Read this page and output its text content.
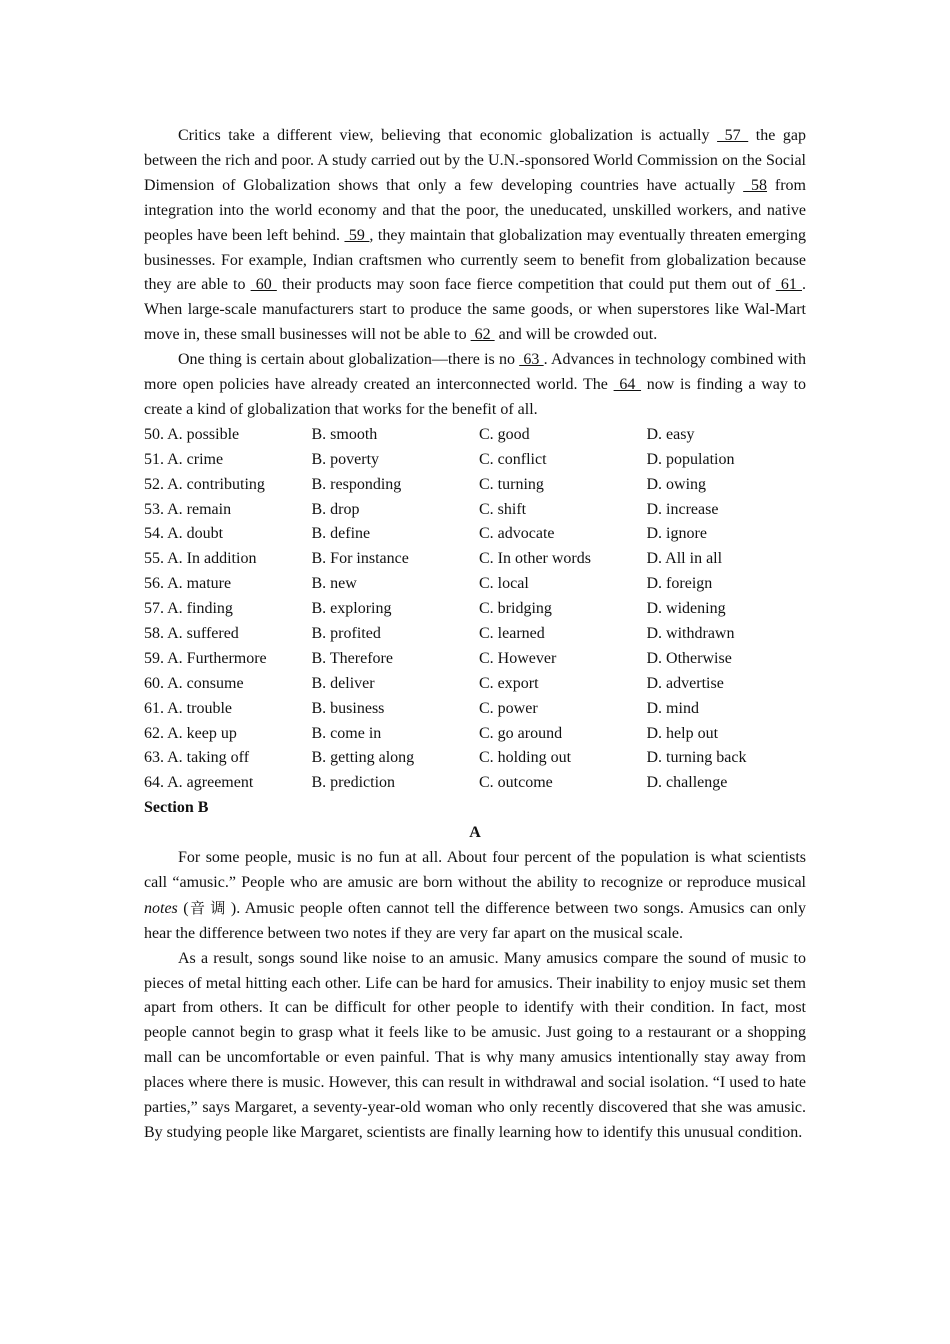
Critics take a different view, believing that economic globalization is actually  57  the gap between the rich and poor. A study carried out by the U.N.-sponsored World Commission on the Social Dimension of Globalization shows that only a few developing countries have actually  58 from integration into the world economy and that the poor, the uneducated, unskilled workers, and native peoples have been left behind.  59 , they maintain that globalization may eventually threaten emerging businesses. For example, Indian craftsmen who currently seem to benefit from globalization because they are able to  60  their products may soon face fierce competition that could put them out of  61 . When large-scale manufacturers start to produce the same goods, or when superstores like Wal-Mart move in, these small businesses will not be able to  62  and will be crowded out.

One thing is certain about globalization—there is no  63 . Advances in technology combined with more open policies have already created an interconnected world. The  64  now is finding a way to create a kind of globalization that works for the benefit of all.

50. A. possible	B. smooth	C. good	D. easy
51. A. crime	B. poverty	C. conflict	D. population
52. A. contributing	B. responding	C. turning	D. owing
53. A. remain	B. drop	C. shift	D. increase
54. A. doubt	B. define	C. advocate	D. ignore
55. A. In addition	B. For instance	C. In other words	D. All in all
56. A. mature	B. new	C. local	D. foreign
57. A. finding	B. exploring	C. bridging	D. widening
58. A. suffered	B. profited	C. learned	D. withdrawn
59. A. Furthermore	B. Therefore	C. However	D. Otherwise
60. A. consume	B. deliver	C. export	D. advertise
61. A. trouble	B. business	C. power	D. mind
62. A. keep up	B. come in	C. go around	D. help out
63. A. taking off	B. getting along	C. holding out	D. turning back
64. A. agreement	B. prediction	C. outcome	D. challenge
Section B
A

For some people, music is no fun at all. About four percent of the population is what scientists call “amusic.” People who are amusic are born without the ability to recognize or reproduce musical notes (音调). Amusic people often cannot tell the difference between two songs. Amusics can only hear the difference between two notes if they are very far apart on the musical scale.

As a result, songs sound like noise to an amusic. Many amusics compare the sound of music to pieces of metal hitting each other. Life can be hard for amusics. Their inability to enjoy music set them apart from others. It can be difficult for other people to identify with their condition. In fact, most people cannot begin to grasp what it feels like to be amusic. Just going to a restaurant or a shopping mall can be uncomfortable or even painful. That is why many amusics intentionally stay away from places where there is music. However, this can result in withdrawal and social isolation. “I used to hate parties,” says Margaret, a seventy-year-old woman who only recently discovered that she was amusic. By studying people like Margaret, scientists are finally learning how to identify this unusual condition.
